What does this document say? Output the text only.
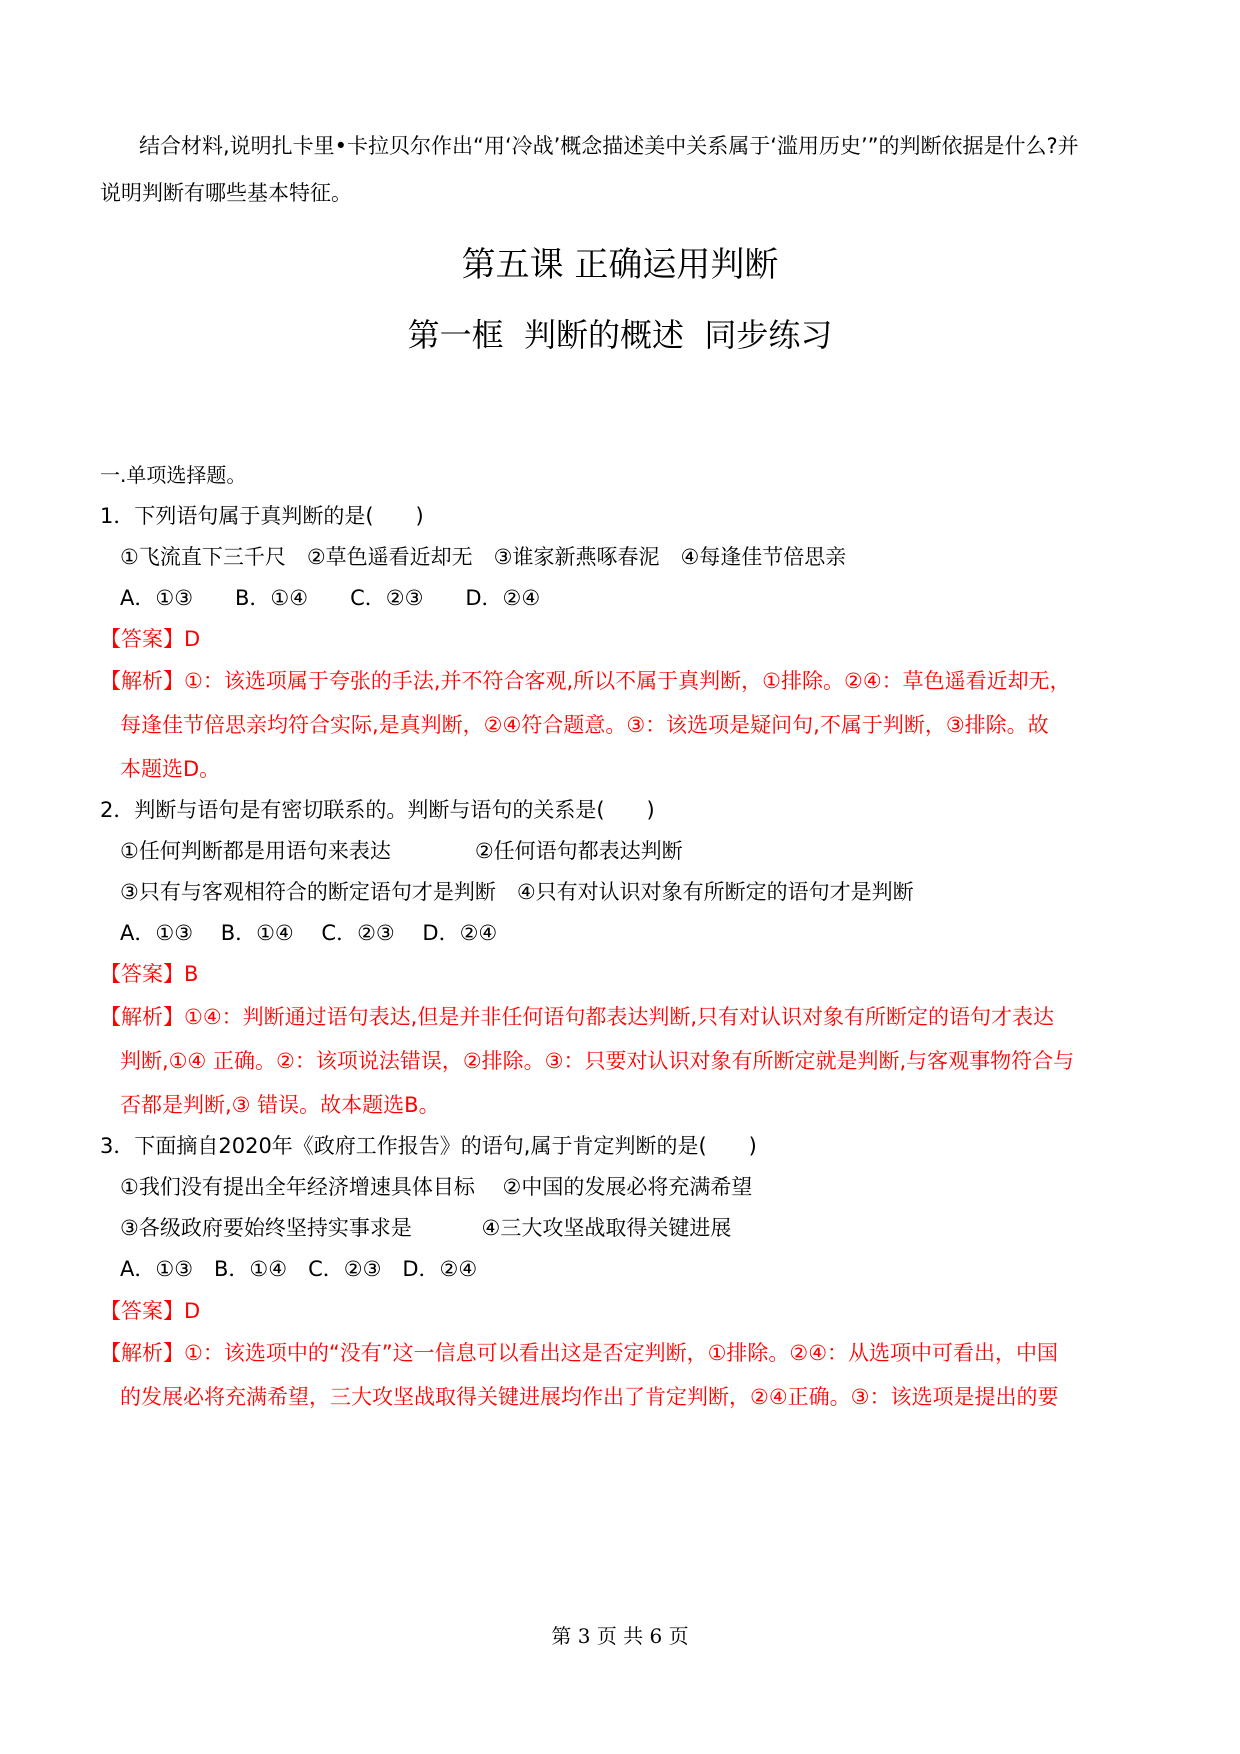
结合材料,说明扎卡里•卡拉贝尔作出“用‘冷战’概念描述美中关系属于‘滥用历史’”的判断依据是什么?并
说明判断有哪些基本特征。
第五课 正确运用判断
第一框  判断的概述  同步练习
一.单项选择题。
1．下列语句属于真判断的是(　　)
①飞流直下三千尺　②草色遥看近却无　③谁家新燕啄春泥　④每逢佳节倍思亲
A．①③　　B．①④　　C．②③　　D．②④
【答案】D
【解析】①：该选项属于夸张的手法,并不符合客观,所以不属于真判断，①排除。②④：草色遥看近却无，
每逢佳节倍思亲均符合实际,是真判断，②④符合题意。③：该选项是疑问句,不属于判断，③排除。故
本题选D。
2．判断与语句是有密切联系的。判断与语句的关系是(　　)
①任何判断都是用语句来表达　　　　②任何语句都表达判断
③只有与客观相符合的断定语句才是判断　④只有对认识对象有所断定的语句才是判断
A．①③　 B．①④　 C．②③　 D．②④
【答案】B
【解析】①④：判断通过语句表达,但是并非任何语句都表达判断,只有对认识对象有所断定的语句才表达
判断,①④ 正确。②：该项说法错误，②排除。③：只要对认识对象有所断定就是判断,与客观事物符合与
否都是判断,③ 错误。故本题选B。
3．下面摘自2020年《政府工作报告》的语句,属于肯定判断的是(　　)
①我们没有提出全年经济增速具体目标　 ②中国的发展必将充满希望
③各级政府要始终坚持实事求是　　　 ④三大攻坚战取得关键进展
A．①③　B．①④　C．②③　D．②④
【答案】D
【解析】①：该选项中的“没有”这一信息可以看出这是否定判断，①排除。②④：从选项中可看出，中国
的发展必将充满希望，三大攻坚战取得关键进展均作出了肯定判断，②④正确。③：该选项是提出的要
第 3 页 共 6 页
